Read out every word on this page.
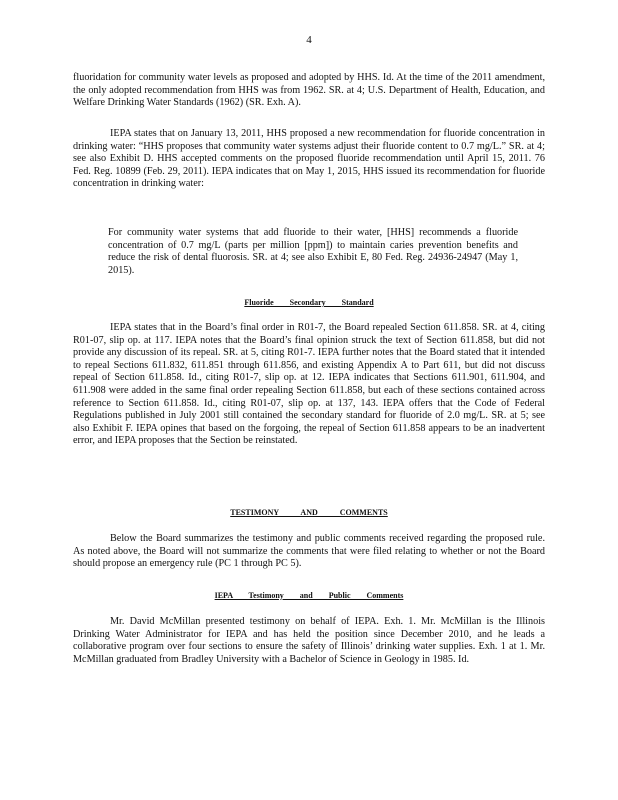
4

fluoridation for community water levels as proposed and adopted by HHS. Id. At the time of the 2011 amendment, the only adopted recommendation from HHS was from 1962. SR. at 4; U.S. Department of Health, Education, and Welfare Drinking Water Standards (1962) (SR. Exh. A).

IEPA states that on January 13, 2011, HHS proposed a new recommendation for fluoride concentration in drinking water: “HHS proposes that community water systems adjust their fluoride content to 0.7 mg/L.” SR. at 4; see also Exhibit D. HHS accepted comments on the proposed fluoride recommendation until April 15, 2011. 76 Fed. Reg. 10899 (Feb. 29, 2011). IEPA indicates that on May 1, 2015, HHS issued its recommendation for fluoride concentration in drinking water:

For community water systems that add fluoride to their water, [HHS] recommends a fluoride concentration of 0.7 mg/L (parts per million [ppm]) to maintain caries prevention benefits and reduce the risk of dental fluorosis. SR. at 4; see also Exhibit E, 80 Fed. Reg. 24936-24947 (May 1, 2015).

Fluoride Secondary Standard

IEPA states that in the Board’s final order in R01-7, the Board repealed Section 611.858. SR. at 4, citing R01-07, slip op. at 117. IEPA notes that the Board’s final opinion struck the text of Section 611.858, but did not provide any discussion of its repeal. SR. at 5, citing R01-7. IEPA further notes that the Board stated that it intended to repeal Sections 611.832, 611.851 through 611.856, and existing Appendix A to Part 611, but did not discuss repeal of Section 611.858. Id., citing R01-7, slip op. at 12. IEPA indicates that Sections 611.901, 611.904, and 611.908 were added in the same final order repealing Section 611.858, but each of these sections contained across reference to Section 611.858. Id., citing R01-07, slip op. at 137, 143. IEPA offers that the Code of Federal Regulations published in July 2001 still contained the secondary standard for fluoride of 2.0 mg/L. SR. at 5; see also Exhibit F. IEPA opines that based on the forgoing, the repeal of Section 611.858 appears to be an inadvertent error, and IEPA proposes that the Section be reinstated.

TESTIMONY AND COMMENTS

Below the Board summarizes the testimony and public comments received regarding the proposed rule. As noted above, the Board will not summarize the comments that were filed relating to whether or not the Board should propose an emergency rule (PC 1 through PC 5).

IEPA Testimony and Public Comments

Mr. David McMillan presented testimony on behalf of IEPA. Exh. 1. Mr. McMillan is the Illinois Drinking Water Administrator for IEPA and has held the position since December 2010, and he leads a collaborative program over four sections to ensure the safety of Illinois’ drinking water supplies. Exh. 1 at 1. Mr. McMillan graduated from Bradley University with a Bachelor of Science in Geology in 1985. Id.
